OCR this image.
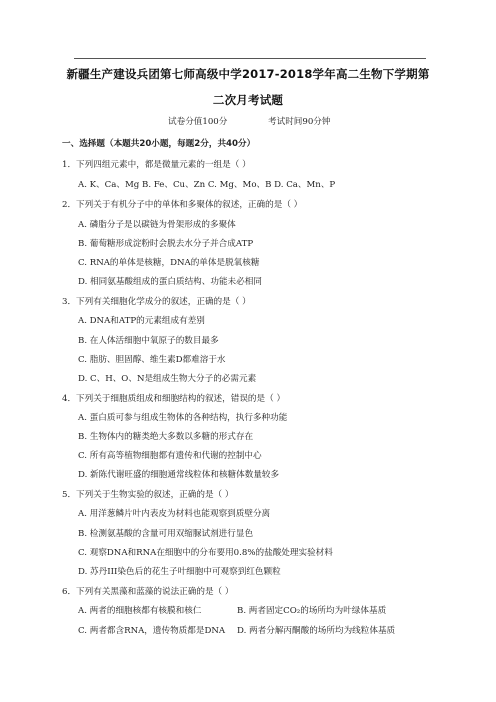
新疆生产建设兵团第七师高级中学2017-2018学年高二生物下学期第
二次月考试题
试卷分值100分	考试时间90分钟
一、选择题（本题共20小题，每题2分，共40分）
1．下列四组元素中，都是微量元素的一组是（ ）
A. K、Ca、Mg B. Fe、Cu、Zn C. Mg、Mo、B D. Ca、Mn、P
2．下列关于有机分子中的单体和多聚体的叙述，正确的是（ ）
A. 磷脂分子是以碳链为骨架形成的多聚体
B. 葡萄糖形成淀粉时会脱去水分子并合成ATP
C. RNA的单体是核糖，DNA的单体是脱氧核糖
D. 相同氨基酸组成的蛋白质结构、功能未必相同
3．下列有关细胞化学成分的叙述，正确的是（ ）
A. DNA和ATP的元素组成有差别
B. 在人体活细胞中氧原子的数目最多
C. 脂肪、胆固醇、维生素D都难溶于水
D. C、H、O、N是组成生物大分子的必需元素
4．下列关于细胞质组成和细胞结构的叙述，错误的是（ ）
A. 蛋白质可参与组成生物体的各种结构，执行多种功能
B. 生物体内的糖类绝大多数以多糖的形式存在
C. 所有高等植物细胞都有遗传和代谢的控制中心
D. 新陈代谢旺盛的细胞通常线粒体和核糖体数量较多
5．下列关于生物实验的叙述，正确的是（ ）
A. 用洋葱鳞片叶内表皮为材料也能观察到质壁分离
B. 检测氨基酸的含量可用双缩脲试剂进行显色
C. 观察DNA和RNA在细胞中的分布要用0.8%的盐酸处理实验材料
D. 苏丹III染色后的花生子叶细胞中可观察到红色颗粒
6．下列有关黑藻和蓝藻的说法正确的是（ ）
A. 两者的细胞核都有核膜和核仁	B. 两者固定CO₂的场所均为叶绿体基质
C. 两者都含RNA，遗传物质都是DNA D. 两者分解丙酮酸的场所均为线粒体基质
